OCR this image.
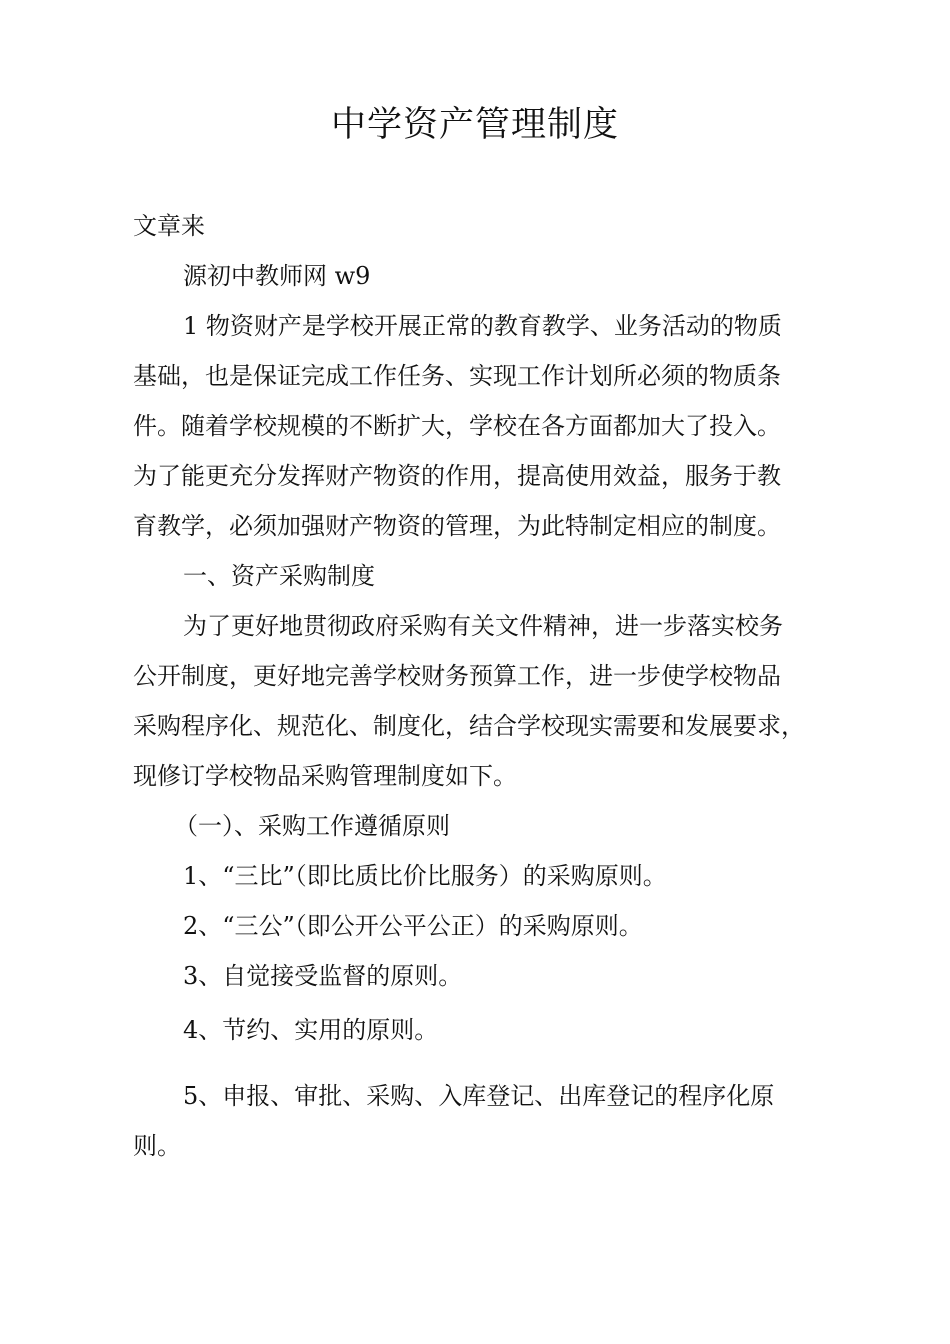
中学资产管理制度

文章来

源初中教师网 w9

1 物资财产是学校开展正常的教育教学、业务活动的物质

基础，也是保证完成工作任务、实现工作计划所必须的物质条

件。随着学校规模的不断扩大，学校在各方面都加大了投入。

为了能更充分发挥财产物资的作用，提高使用效益，服务于教

育教学，必须加强财产物资的管理，为此特制定相应的制度。

一、资产采购制度

为了更好地贯彻政府采购有关文件精神，进一步落实校务

公开制度，更好地完善学校财务预算工作，进一步使学校物品

采购程序化、规范化、制度化，结合学校现实需要和发展要求，

现修订学校物品采购管理制度如下。

（一）、采购工作遵循原则

1、“三比”（即比质比价比服务）的采购原则。

2、“三公”（即公开公平公正）的采购原则。

3、自觉接受监督的原则。

4、节约、实用的原则。

5、申报、审批、采购、入库登记、出库登记的程序化原

则。
